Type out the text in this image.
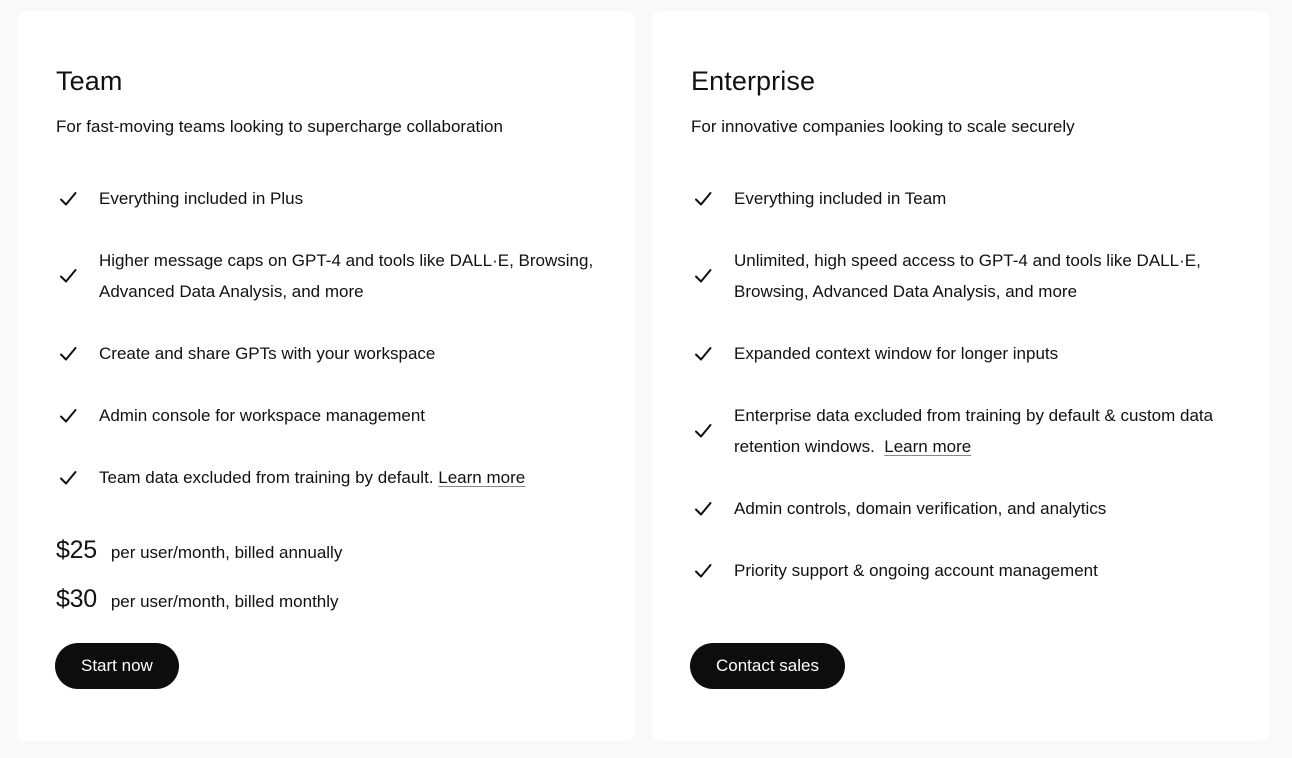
Team

For fast-moving teams looking to supercharge collaboration

Everything included in Plus
Higher message caps on GPT-4 and tools like DALL·E, Browsing, Advanced Data Analysis, and more
Create and share GPTs with your workspace
Admin console for workspace management
Team data excluded from training by default. Learn more
$25 per user/month, billed annually
$30 per user/month, billed monthly
Start now
Enterprise

For innovative companies looking to scale securely

Everything included in Team
Unlimited, high speed access to GPT-4 and tools like DALL·E, Browsing, Advanced Data Analysis, and more
Expanded context window for longer inputs
Enterprise data excluded from training by default & custom data retention windows.  Learn more
Admin controls, domain verification, and analytics
Priority support & ongoing account management
Contact sales
